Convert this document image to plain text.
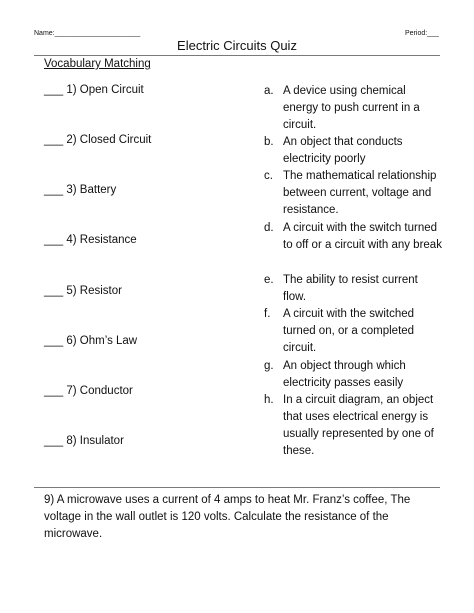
Name:______________________	Period:___
Electric Circuits Quiz
Vocabulary Matching
___ 1) Open Circuit
___ 2) Closed Circuit
___ 3) Battery
___ 4) Resistance
___ 5) Resistor
___ 6) Ohm’s Law
___ 7) Conductor
___ 8) Insulator
a. A device using chemical energy to push current in a circuit.
b. An object that conducts electricity poorly
c. The mathematical relationship between current, voltage and resistance.
d. A circuit with the switch turned to off or a circuit with any break
e. The ability to resist current flow.
f.	A circuit with the switched turned on, or a completed circuit.
g. An object through which electricity passes easily
h. In a circuit diagram, an object that uses electrical energy is usually represented by one of these.
9) A microwave uses a current of 4 amps to heat Mr. Franz’s coffee, The voltage in the wall outlet is 120 volts. Calculate the resistance of the microwave.
